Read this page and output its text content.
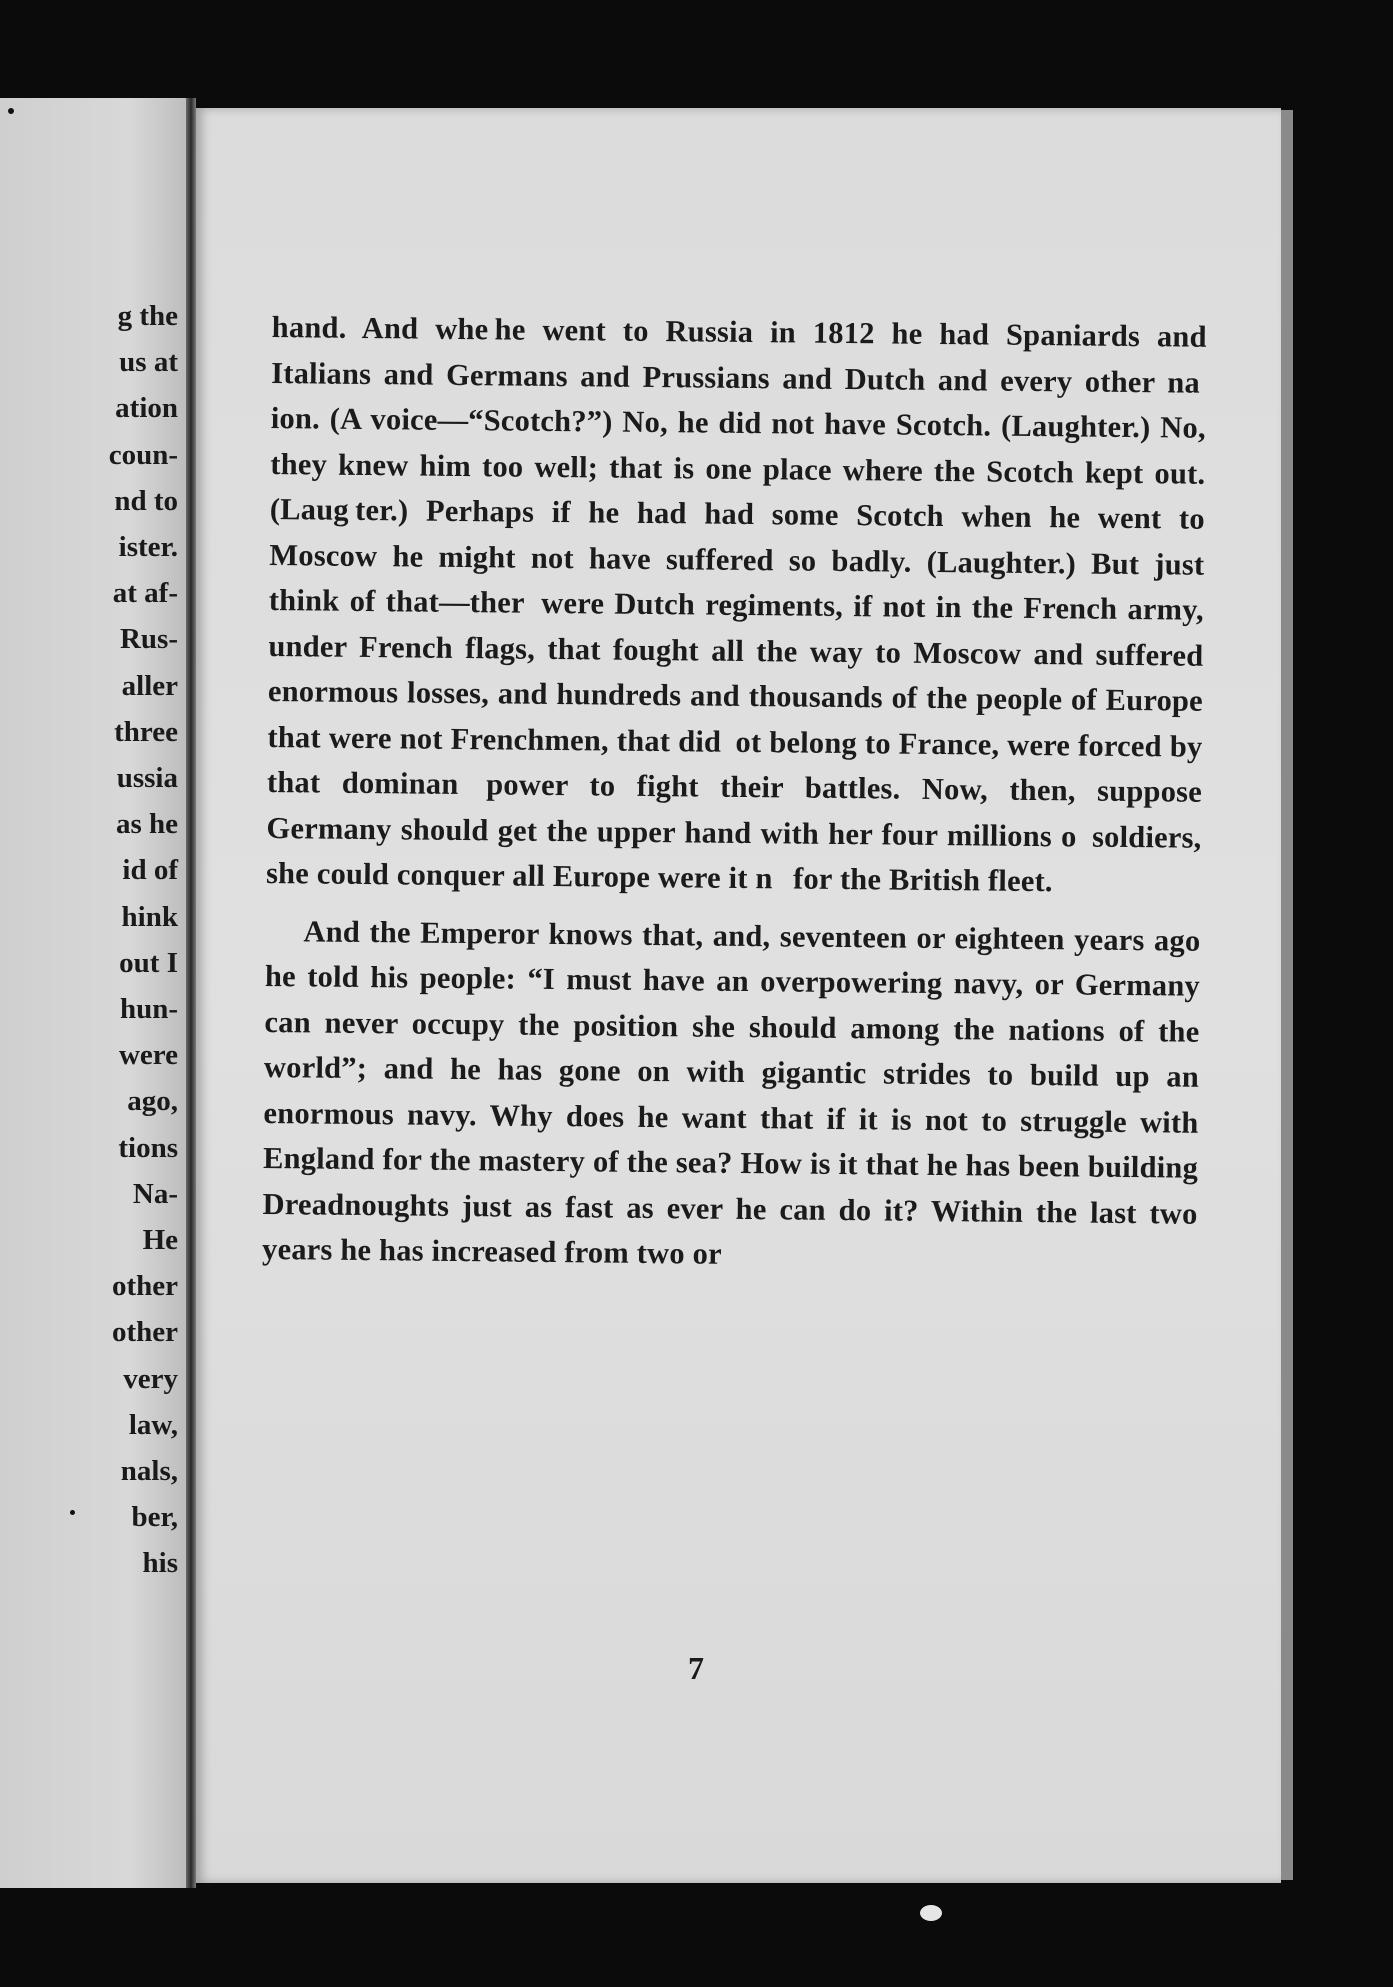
g the
us at
ation
coun-
nd to
ister.
at af-
Rus-
aller
three
ussia
as he
id of
hink
out I
hun-
were
ago,
tions
Na-
He
other
other
very
law,
nals,
ber,
his

hand. And whe he went to Russia in 1812 he had Spaniards and Italians and Germans and Prussians and Dutch and every other na ion. (A voice—“Scotch?”) No, he did not have Scotch. (Laughter.) No, they knew him too well; that is one place where the Scotch kept out. (Laug ter.) Perhaps if he had had some Scotch when he went to Moscow he might not have suffered so badly. (Laughter.) But just think of that—ther  were Dutch regiments, if not in the French army, under French flags, that fought all the way to Moscow and suffered enormous losses, and hundreds and thousands of the people of Europe that were not Frenchmen, that did  ot belong to France, were forced by that dominan  power to fight their battles. Now, then, suppose Germany should get the upper hand with her four millions o  soldiers, she could conquer all Europe were it n   for the British fleet.

And the Emperor knows that, and, seventeen or eighteen years ago he told his people: “I must have an overpowering navy, or Germany can never occupy the position she should among the nations of the world”; and he has gone on with gigantic strides to build up an enormous navy. Why does he want that if it is not to struggle with England for the mastery of the sea? How is it that he has been building Dreadnoughts just as fast as ever he can do it? Within the last two years he has increased from two or

7
